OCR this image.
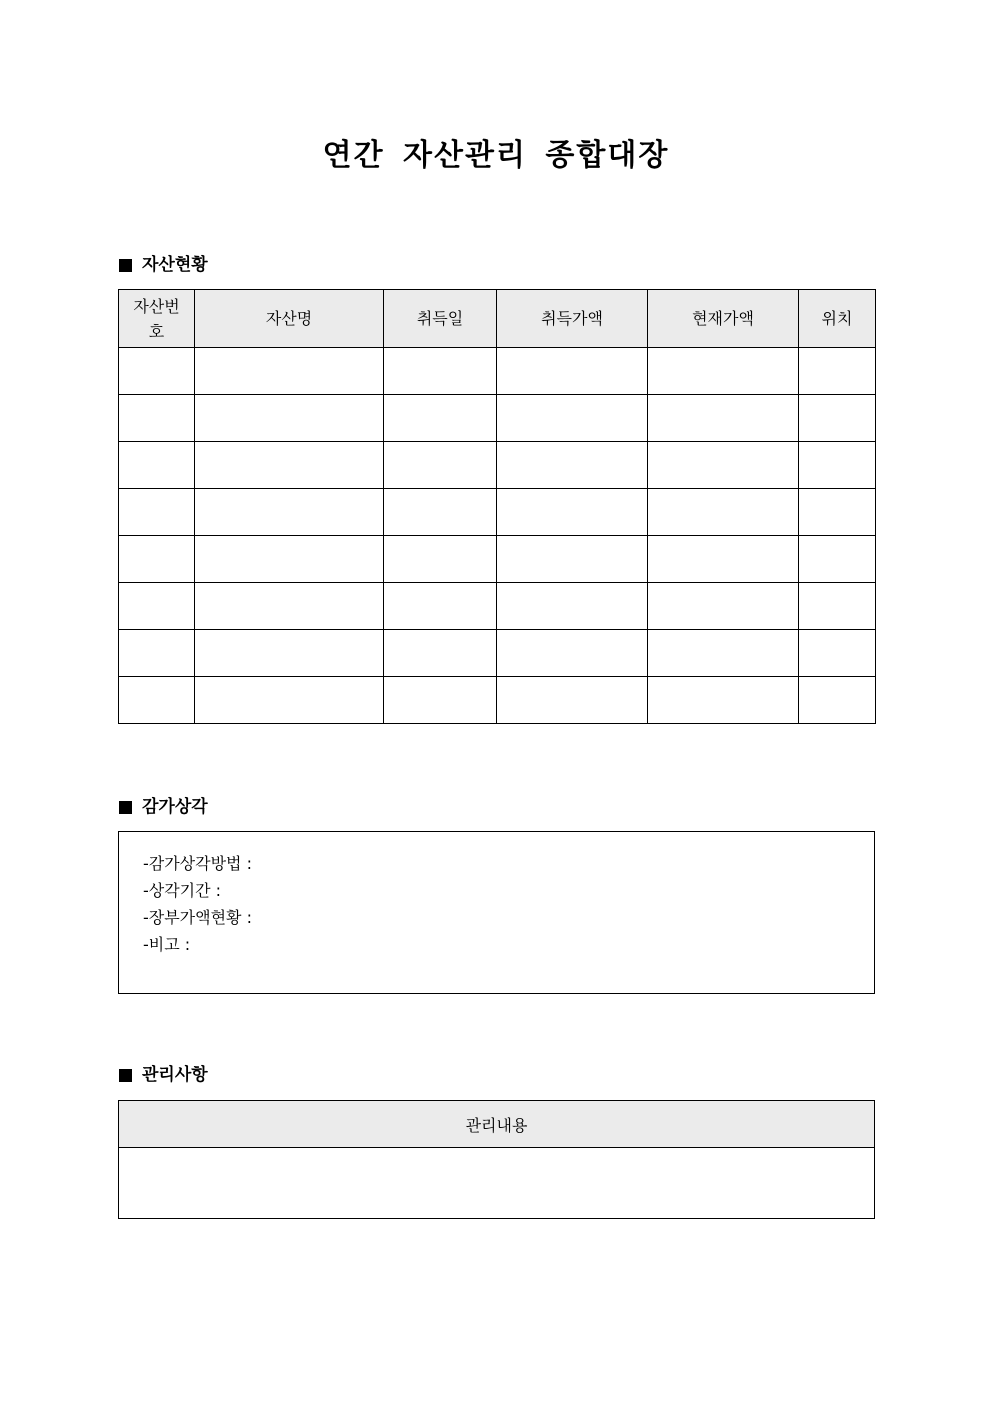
연간 자산관리 종합대장
자산현황
자산번호	자산명	취득일	취득가액	현재가액	위치

감가상각
-감가상각방법 :
-상각기간 :
-장부가액현황 :
-비고 :
관리사항
관리내용
